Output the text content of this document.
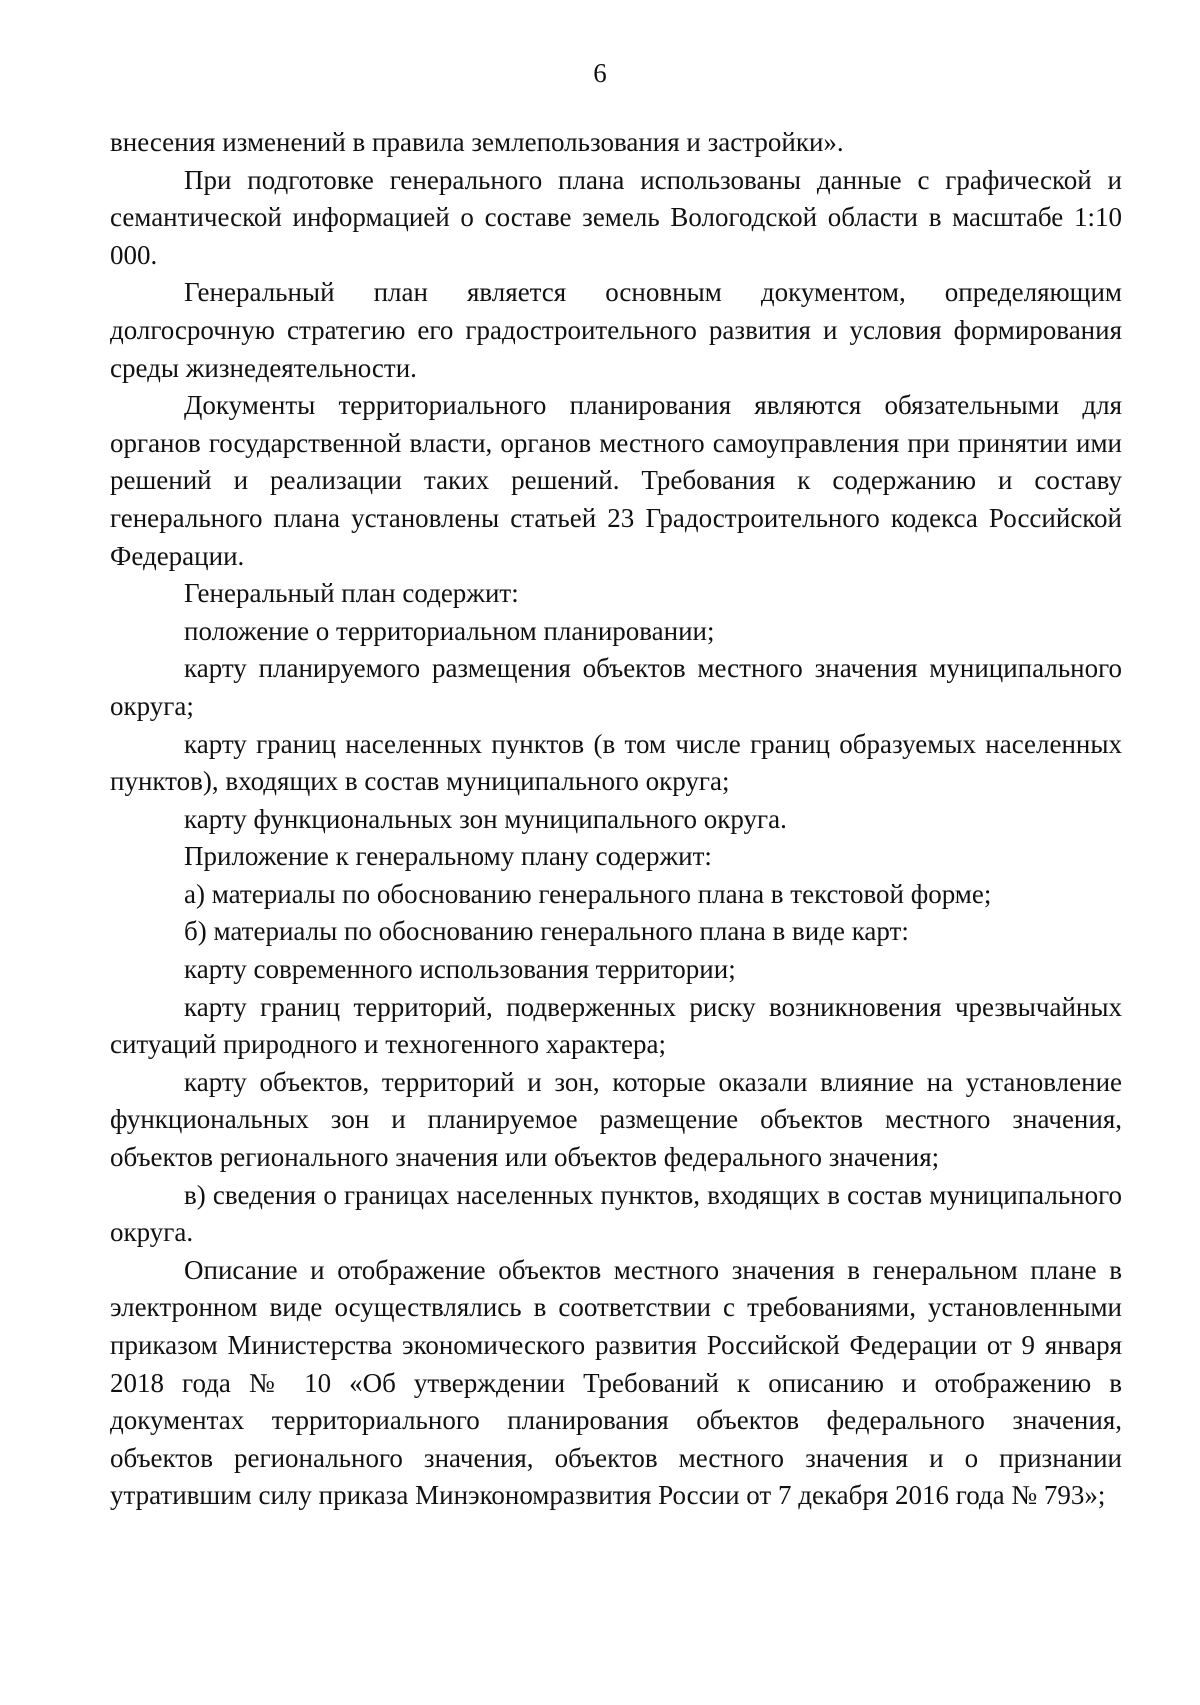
6

внесения изменений в правила землепользования и застройки».

При подготовке генерального плана использованы данные с графической и семантической информацией о составе земель Вологодской области в масштабе 1:10 000.

Генеральный план является основным документом, определяющим долгосрочную стратегию его градостроительного развития и условия формирования среды жизнедеятельности.

Документы территориального планирования являются обязательными для органов государственной власти, органов местного самоуправления при принятии ими решений и реализации таких решений. Требования к содержанию и составу генерального плана установлены статьей 23 Градостроительного кодекса Российской Федерации.

Генеральный план содержит:

положение о территориальном планировании;

карту планируемого размещения объектов местного значения муниципального округа;

карту границ населенных пунктов (в том числе границ образуемых населенных пунктов), входящих в состав муниципального округа;

карту функциональных зон муниципального округа.

Приложение к генеральному плану содержит:

а) материалы по обоснованию генерального плана в текстовой форме;

б) материалы по обоснованию генерального плана в виде карт:

карту современного использования территории;

карту границ территорий, подверженных риску возникновения чрезвычайных ситуаций природного и техногенного характера;

карту объектов, территорий и зон, которые оказали влияние на установление функциональных зон и планируемое размещение объектов местного значения, объектов регионального значения или объектов федерального значения;

в) сведения о границах населенных пунктов, входящих в состав муниципального округа.

Описание и отображение объектов местного значения в генеральном плане в электронном виде осуществлялись в соответствии с требованиями, установленными приказом Министерства экономического развития Российской Федерации от 9 января 2018 года № 10 «Об утверждении Требований к описанию и отображению в документах территориального планирования объектов федерального значения, объектов регионального значения, объектов местного значения и о признании утратившим силу приказа Минэкономразвития России от 7 декабря 2016 года № 793»;
